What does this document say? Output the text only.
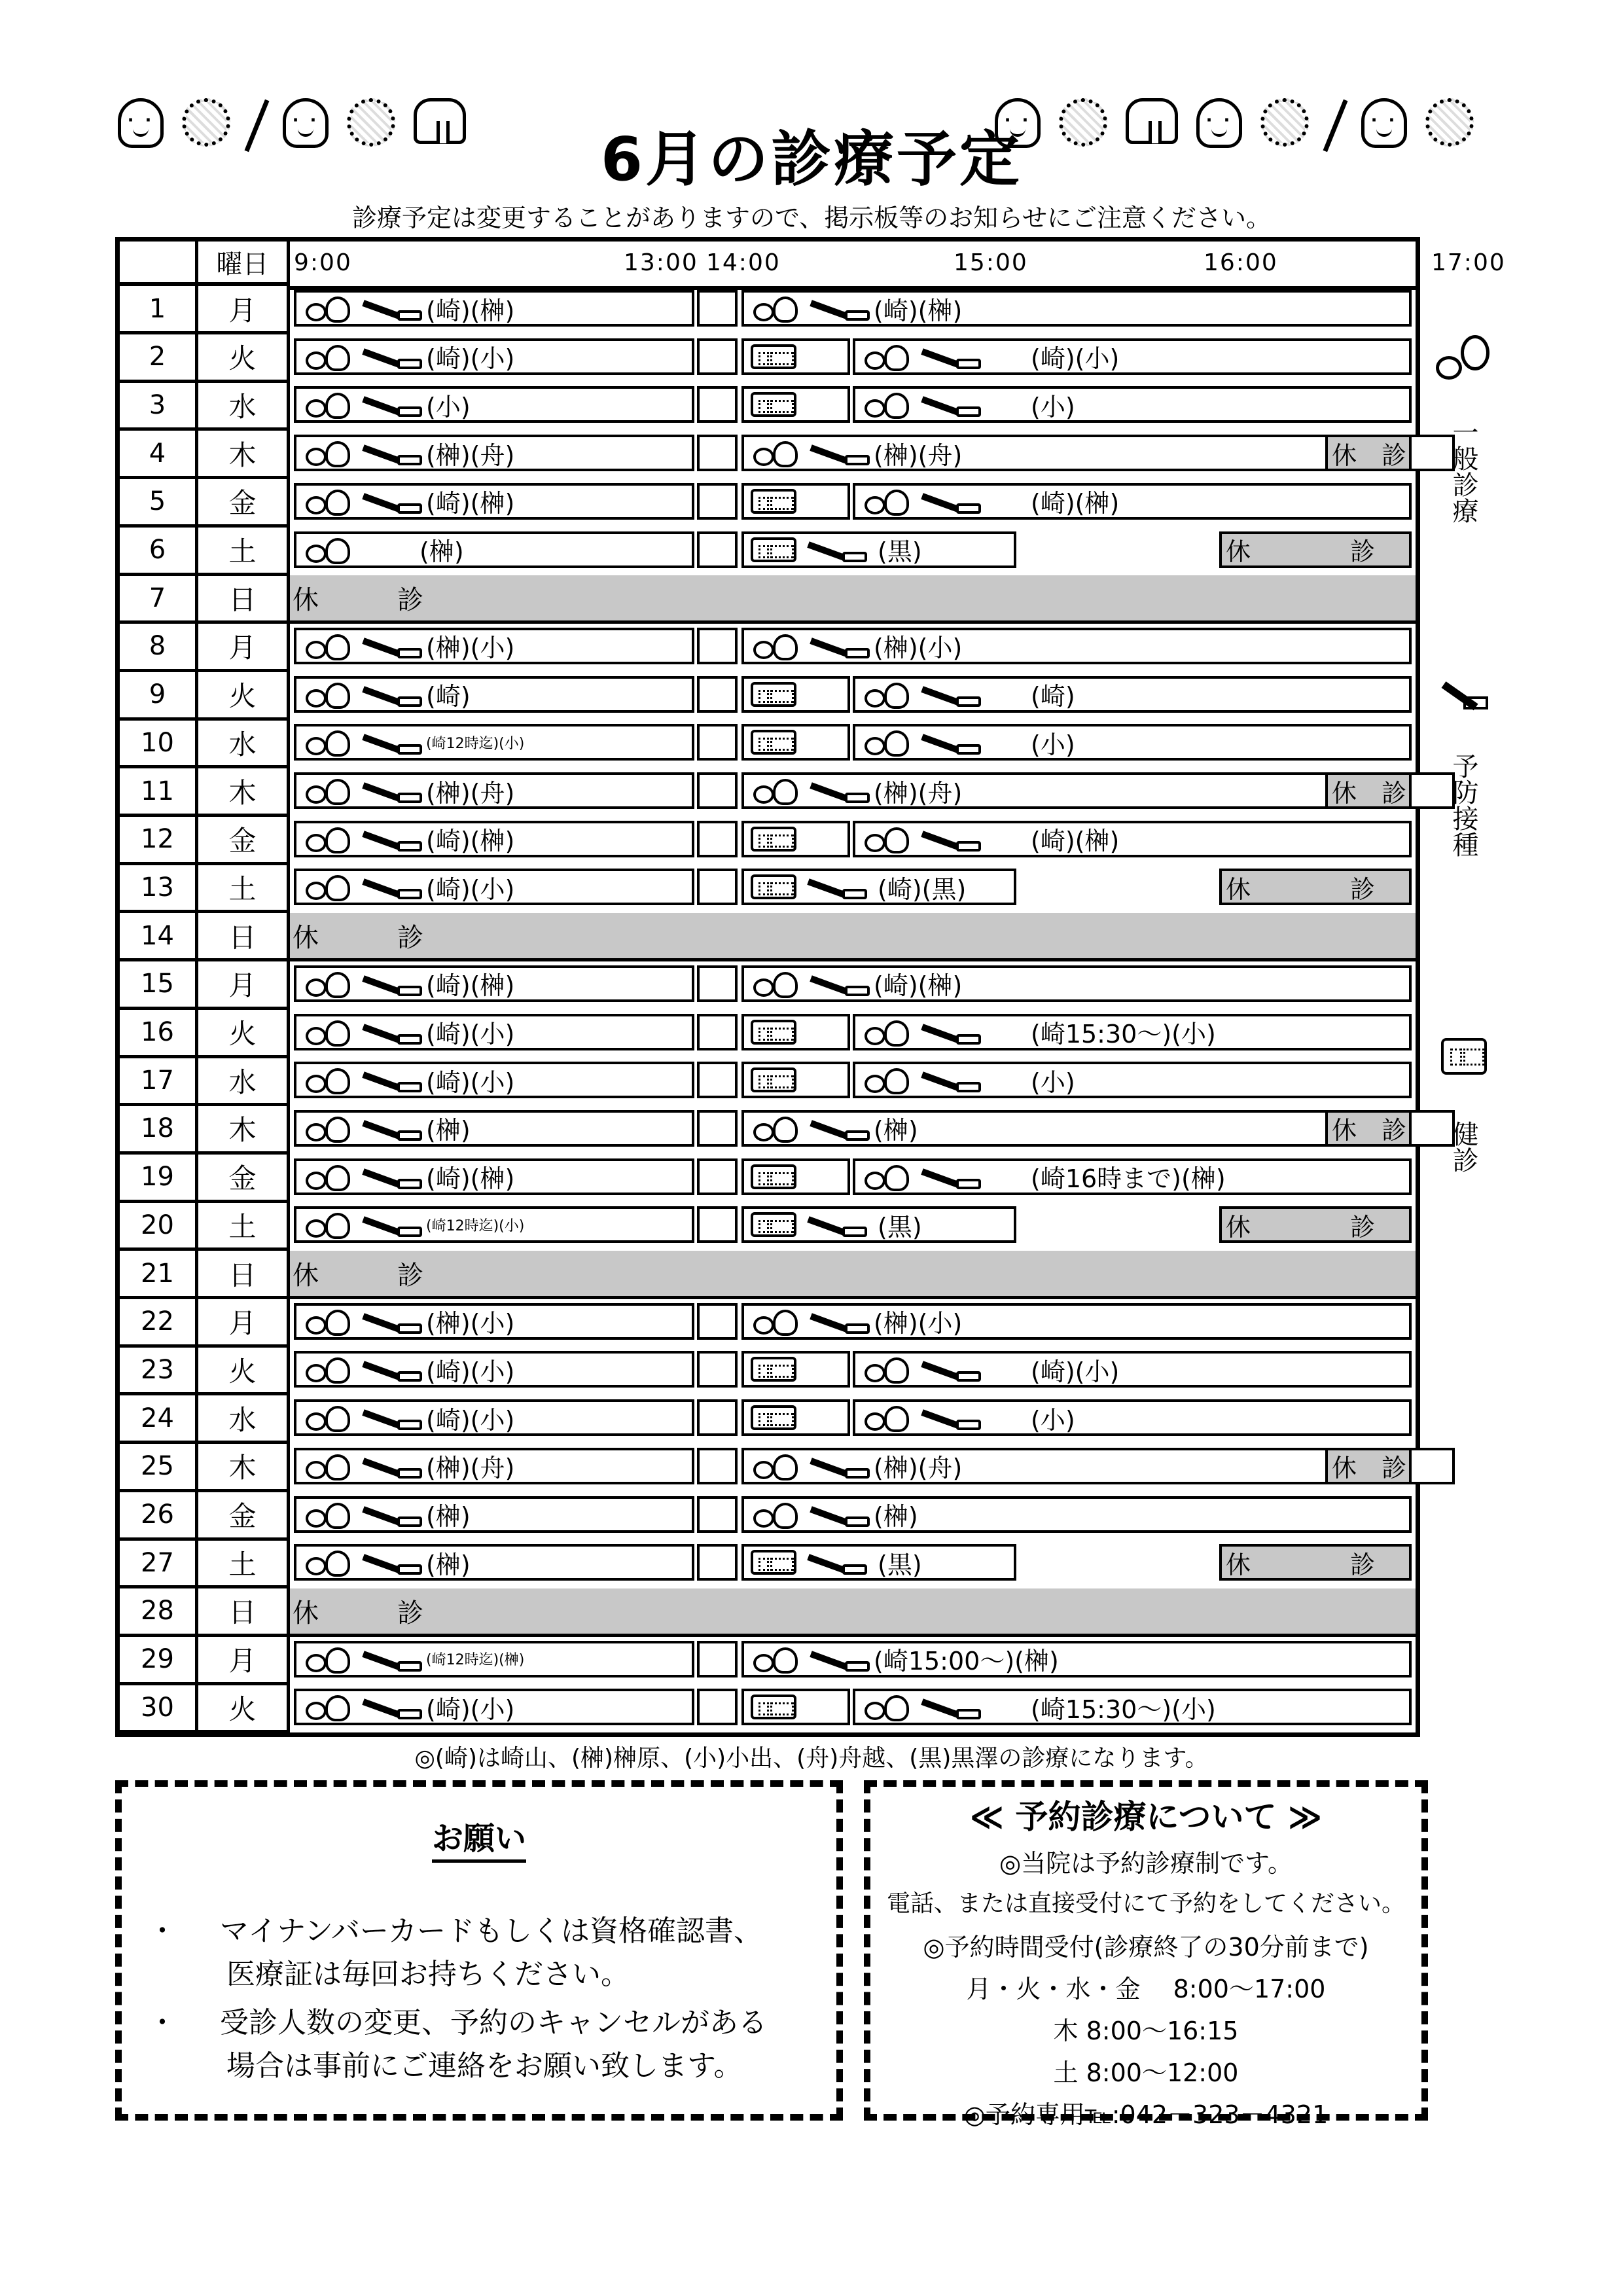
· ·
· ·
· ·
· ·
· ·
6月の診療予定
診療予定は変更することがありますので、掲示板等のお知らせにご注意ください。
曜日	9:00	13:00 14:00	15:00	16:00	17:00
1	月	(崎)(榊)	(崎)(榊)
2	火	(崎)(小)	(崎)(小)
3	水	(小)	(小)
4	木	(榊)(舟)	(榊)(舟)	休　診
5	金	(崎)(榊)	(崎)(榊)
6	土	(榊)	(黒)	休　　　　診
7	日	休　　　診
8	月	(榊)(小)	(榊)(小)
9	火	(崎)	(崎)
10	水	(崎12時迄)(小)	(小)
11	木	(榊)(舟)	(榊)(舟)	休　診
12	金	(崎)(榊)	(崎)(榊)
13	土	(崎)(小)	(崎)(黒)	休　　　　診
14	日	休　　　診
15	月	(崎)(榊)	(崎)(榊)
16	火	(崎)(小)	(崎15:30～)(小)
17	水	(崎)(小)	(小)
18	木	(榊)	(榊)	休　診
19	金	(崎)(榊)	(崎16時まで)(榊)
20	土	(崎12時迄)(小)	(黒)	休　　　　診
21	日	休　　　診
22	月	(榊)(小)	(榊)(小)
23	火	(崎)(小)	(崎)(小)
24	水	(崎)(小)	(小)
25	木	(榊)(舟)	(榊)(舟)	休　診
26	金	(榊)	(榊)
27	土	(榊)	(黒)	休　　　　診
28	日	休　　　診
29	月	(崎12時迄)(榊)	(崎15:00～)(榊)
30	火	(崎)(小)	(崎15:30～)(小)
一般診療
予防接種
健診
◎(崎)は崎山、(榊)榊原、(小)小出、(舟)舟越、(黒)黒澤の診療になります。
お願い
・ マイナンバーカードもしくは資格確認書、
医療証は毎回お持ちください。
・ 受診人数の変更、予約のキャンセルがある
場合は事前にご連絡をお願い致します。
≪ 予約診療について ≫
◎当院は予約診療制です。
電話、または直接受付にて予約をしてください。
◎予約時間受付(診療終了の30分前まで)
月・火・水・金　 8:00～17:00
木 8:00～16:15
土 8:00～12:00
◎予約専用℡:042－323－4321
